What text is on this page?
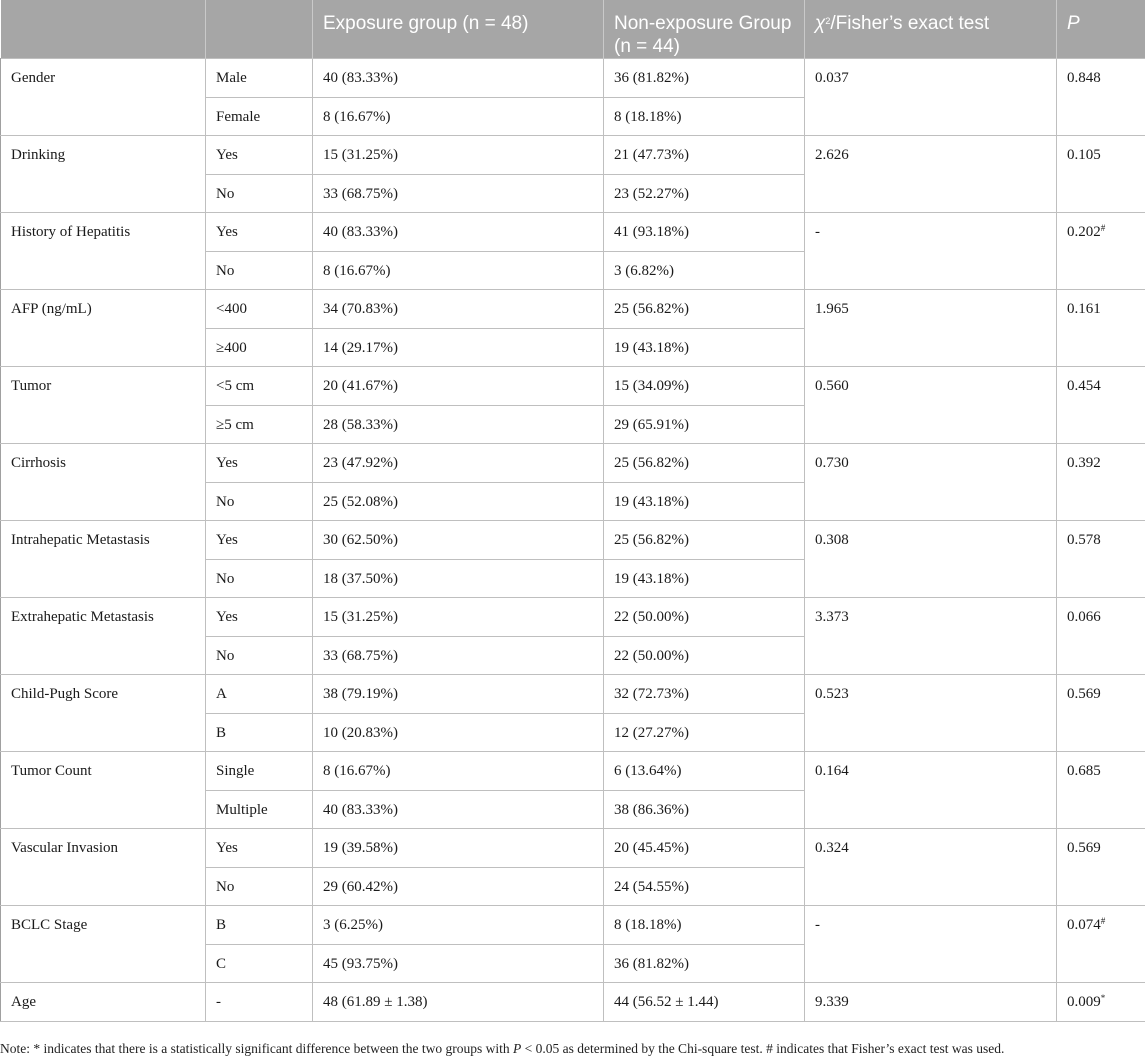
		Exposure group (n = 48)	Non-exposure Group (n = 44)	$\chi^2/Fisher’s$ exact test	P
Gender	Male	40 (83.33%)	36 (81.82%)	0.037	0.848
	Female	8 (16.67%)	8 (18.18%)		
Drinking	Yes	15 (31.25%)	21 (47.73%)	2.626	0.105
	No	33 (68.75%)	23 (52.27%)		
History of Hepatitis	Yes	40 (83.33%)	41 (93.18%)	-	0.202#
	No	8 (16.67%)	3 (6.82%)		
AFP (ng/mL)	<400	34 (70.83%)	25 (56.82%)	1.965	0.161
	≥400	14 (29.17%)	19 (43.18%)		
Tumor	<5 cm	20 (41.67%)	15 (34.09%)	0.560	0.454
	≥5 cm	28 (58.33%)	29 (65.91%)		
Cirrhosis	Yes	23 (47.92%)	25 (56.82%)	0.730	0.392
	No	25 (52.08%)	19 (43.18%)		
Intrahepatic Metastasis	Yes	30 (62.50%)	25 (56.82%)	0.308	0.578
	No	18 (37.50%)	19 (43.18%)		
Extrahepatic Metastasis	Yes	15 (31.25%)	22 (50.00%)	3.373	0.066
	No	33 (68.75%)	22 (50.00%)		
Child-Pugh Score	A	38 (79.19%)	32 (72.73%)	0.523	0.569
	B	10 (20.83%)	12 (27.27%)		
Tumor Count	Single	8 (16.67%)	6 (13.64%)	0.164	0.685
	Multiple	40 (83.33%)	38 (86.36%)		
Vascular Invasion	Yes	19 (39.58%)	20 (45.45%)	0.324	0.569
	No	29 (60.42%)	24 (54.55%)		
BCLC Stage	B	3 (6.25%)	8 (18.18%)	-	0.074#
	C	45 (93.75%)	36 (81.82%)		
Age	-	48 (61.89 ± 1.38)	44 (56.52 ± 1.44)	9.339	0.009*
Note: * indicates that there is a statistically significant difference between the two groups with P < 0.05 as determined by the Chi-square test. # indicates that Fisher’s exact test was used.
